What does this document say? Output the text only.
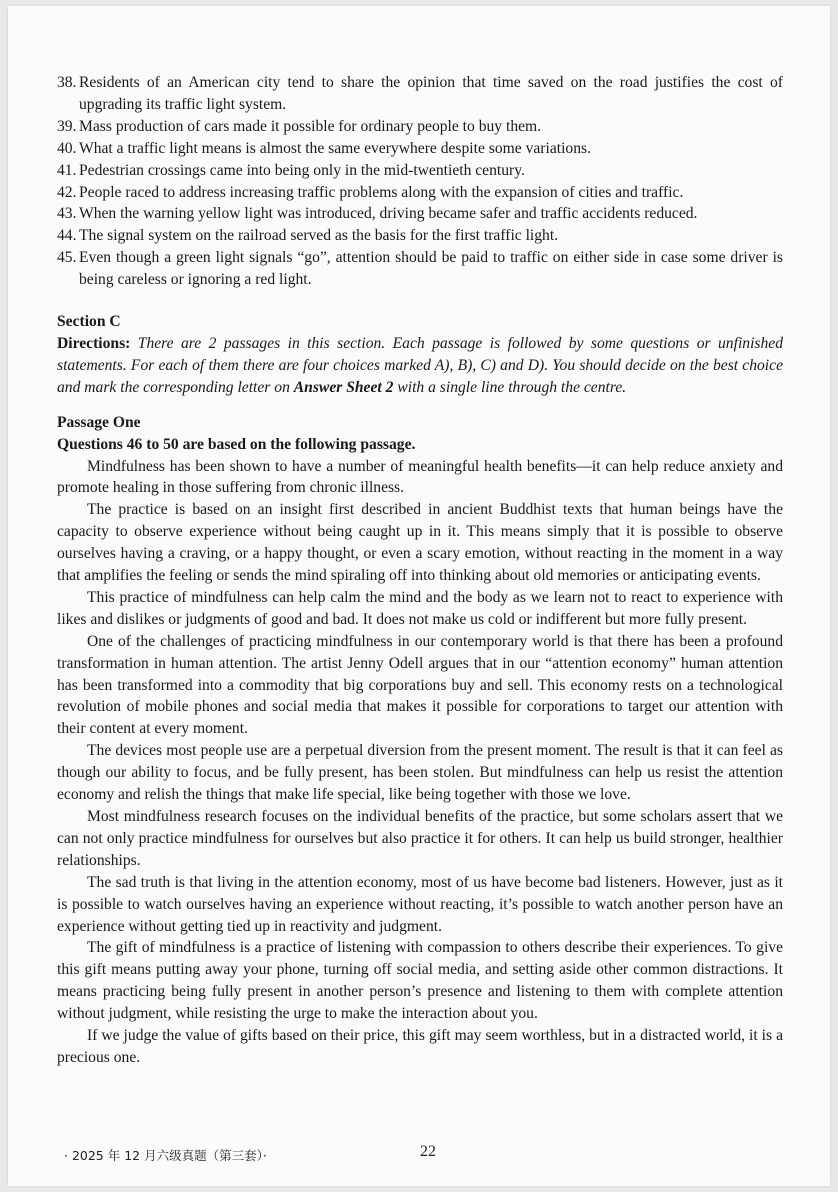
38. Residents of an American city tend to share the opinion that time saved on the road justifies the cost of upgrading its traffic light system.
39. Mass production of cars made it possible for ordinary people to buy them.
40. What a traffic light means is almost the same everywhere despite some variations.
41. Pedestrian crossings came into being only in the mid-twentieth century.
42. People raced to address increasing traffic problems along with the expansion of cities and traffic.
43. When the warning yellow light was introduced, driving became safer and traffic accidents reduced.
44. The signal system on the railroad served as the basis for the first traffic light.
45. Even though a green light signals “go”, attention should be paid to traffic on either side in case some driver is being careless or ignoring a red light.
Section C
Directions: There are 2 passages in this section. Each passage is followed by some questions or unfinished statements. For each of them there are four choices marked A), B), C) and D). You should decide on the best choice and mark the corresponding letter on Answer Sheet 2 with a single line through the centre.
Passage One
Questions 46 to 50 are based on the following passage.

Mindfulness has been shown to have a number of meaningful health benefits—it can help reduce anxiety and promote healing in those suffering from chronic illness.

The practice is based on an insight first described in ancient Buddhist texts that human beings have the capacity to observe experience without being caught up in it. This means simply that it is possible to observe ourselves having a craving, or a happy thought, or even a scary emotion, without reacting in the moment in a way that amplifies the feeling or sends the mind spiraling off into thinking about old memories or anticipating events.

This practice of mindfulness can help calm the mind and the body as we learn not to react to experience with likes and dislikes or judgments of good and bad. It does not make us cold or indifferent but more fully present.

One of the challenges of practicing mindfulness in our contemporary world is that there has been a profound transformation in human attention. The artist Jenny Odell argues that in our “attention economy” human attention has been transformed into a commodity that big corporations buy and sell. This economy rests on a technological revolution of mobile phones and social media that makes it possible for corporations to target our attention with their content at every moment.

The devices most people use are a perpetual diversion from the present moment. The result is that it can feel as though our ability to focus, and be fully present, has been stolen. But mindfulness can help us resist the attention economy and relish the things that make life special, like being together with those we love.

Most mindfulness research focuses on the individual benefits of the practice, but some scholars assert that we can not only practice mindfulness for ourselves but also practice it for others. It can help us build stronger, healthier relationships.

The sad truth is that living in the attention economy, most of us have become bad listeners. However, just as it is possible to watch ourselves having an experience without reacting, it’s possible to watch another person have an experience without getting tied up in reactivity and judgment.

The gift of mindfulness is a practice of listening with compassion to others describe their experiences. To give this gift means putting away your phone, turning off social media, and setting aside other common distractions. It means practicing being fully present in another person’s presence and listening to them with complete attention without judgment, while resisting the urge to make the interaction about you.

If we judge the value of gifts based on their price, this gift may seem worthless, but in a distracted world, it is a precious one.

· 2025 年 12 月六级真题（第三套）·	22
